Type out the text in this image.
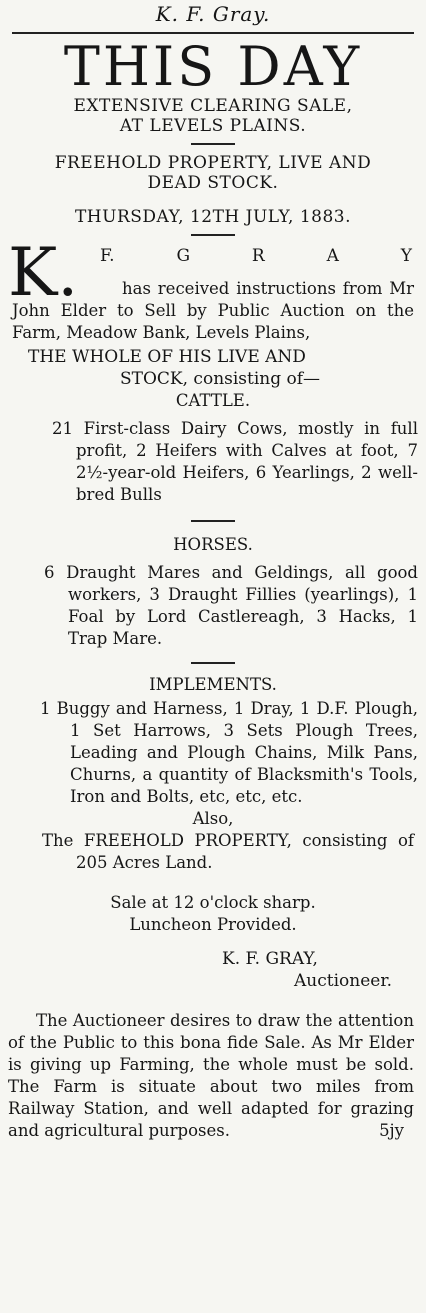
K. F. Gray.
THIS DAY
EXTENSIVE CLEARING SALE,
AT LEVELS PLAINS.
FREEHOLD PROPERTY, LIVE AND
DEAD STOCK.
THURSDAY, 12TH JULY, 1883.
K. F.	G	R	A	Y
has received instructions from Mr John Elder to Sell by Public Auction on the Farm, Meadow Bank, Levels Plains,
THE WHOLE OF HIS LIVE AND
STOCK, consisting of—
CATTLE.
21 First-class Dairy Cows, mostly in full profit, 2 Heifers with Calves at foot, 7 2½-year-old Heifers, 6 Yearlings, 2 well-bred Bulls
HORSES.
6 Draught Mares and Geldings, all good workers, 3 Draught Fillies (yearlings), 1 Foal by Lord Castlereagh, 3 Hacks, 1 Trap Mare.
IMPLEMENTS.
1 Buggy and Harness, 1 Dray, 1 D.F. Plough, 1 Set Harrows, 3 Sets Plough Trees, Leading and Plough Chains, Milk Pans, Churns, a quantity of Blacksmith's Tools, Iron and Bolts, etc, etc, etc.
Also,
The FREEHOLD PROPERTY, consisting of 205 Acres Land.
Sale at 12 o'clock sharp.
Luncheon Provided.
K. F. GRAY,
Auctioneer.
The Auctioneer desires to draw the attention of the Public to this bona fide Sale. As Mr Elder is giving up Farming, the whole must be sold. The Farm is situate about two miles from Railway Station, and well adapted for grazing and agricultural purposes.	5jy
